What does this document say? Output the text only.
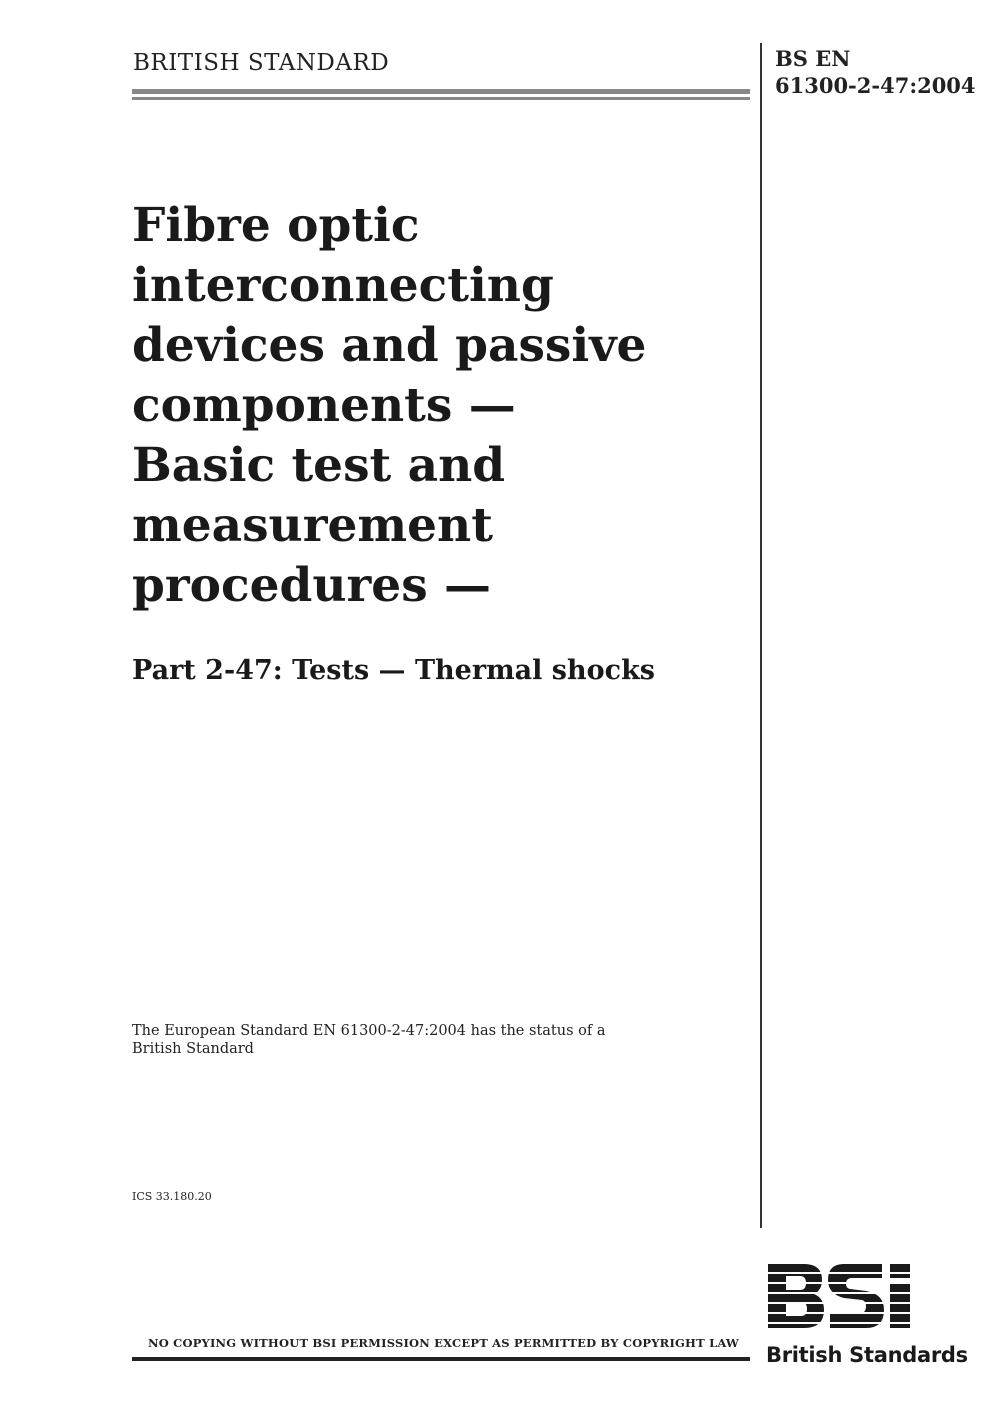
BRITISH STANDARD	BS EN
61300-2-47:2004
Fibre optic
interconnecting
devices and passive
components —
Basic test and
measurement
procedures —
Part 2-47: Tests — Thermal shocks
The European Standard EN 61300-2-47:2004 has the status of a British Standard
ICS 33.180.20
NO COPYING WITHOUT BSI PERMISSION EXCEPT AS PERMITTED BY COPYRIGHT LAW British Standards
